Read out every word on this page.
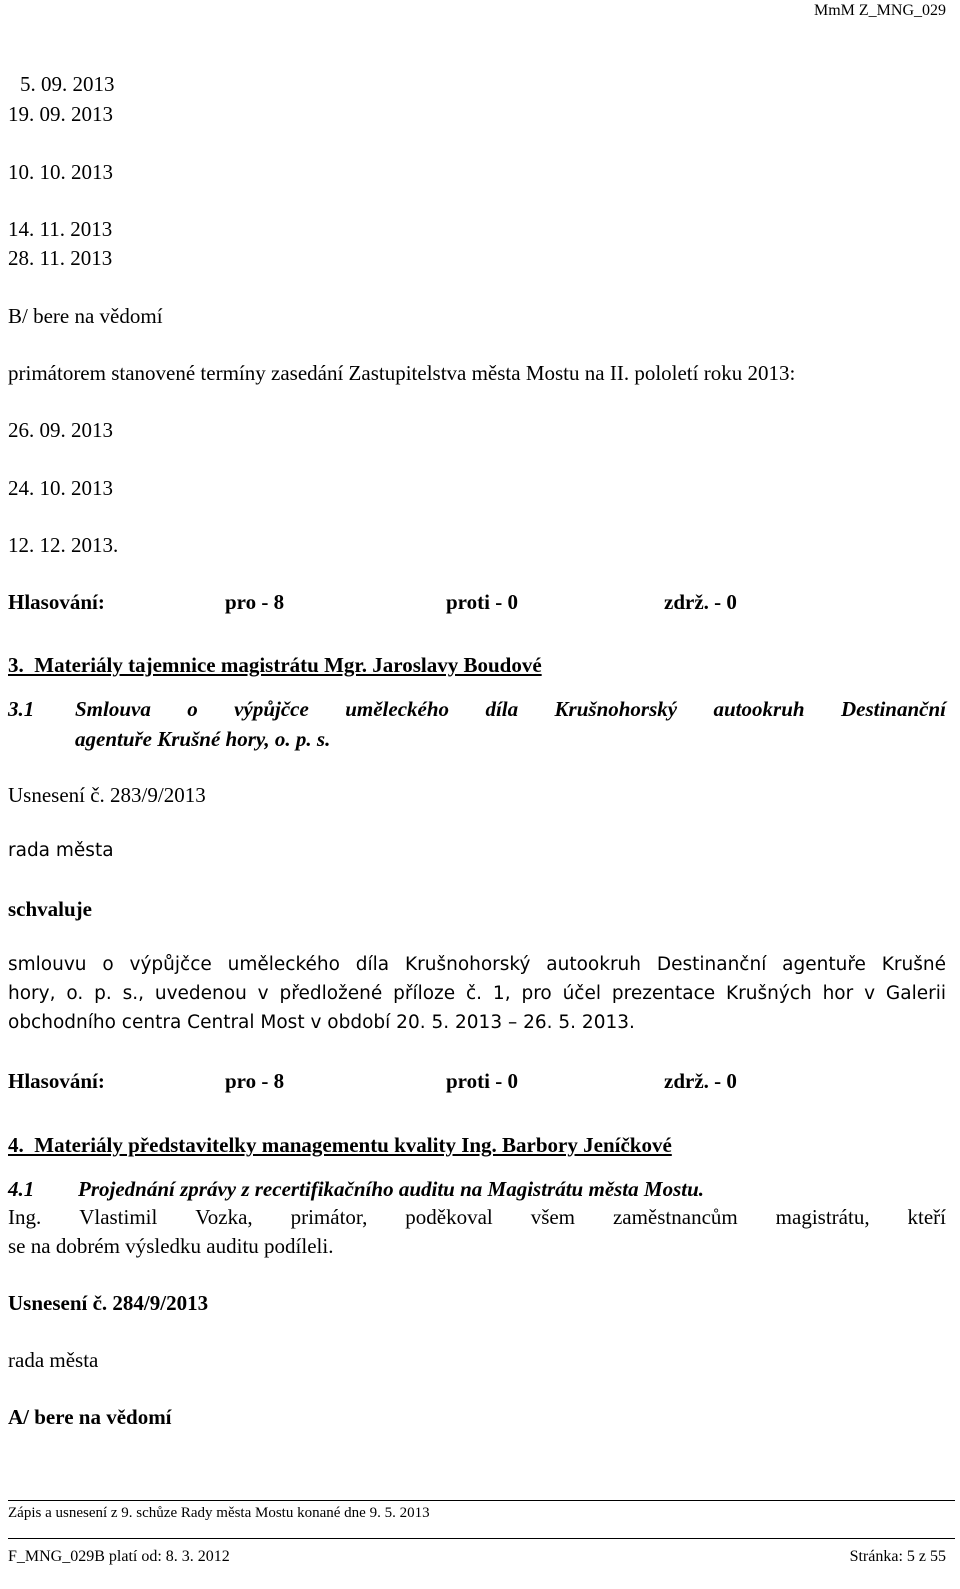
MmM Z_MNG_029
5. 09. 2013
19. 09. 2013
10. 10. 2013
14. 11. 2013
28. 11. 2013
B/ bere na vědomí
primátorem stanovené termíny zasedání Zastupitelstva města Mostu na II. pololetí roku 2013:
26. 09. 2013
24. 10. 2013
12. 12. 2013.
Hlasování:	pro - 8	proti - 0	zdrž. - 0
3.  Materiály tajemnice magistrátu Mgr. Jaroslavy Boudové
3.1 Smlouva o výpůjčce uměleckého díla Krušnohorský autookruh Destinanční
agentuře Krušné hory, o. p. s.
Usnesení č. 283/9/2013
rada města
schvaluje
smlouvu o výpůjčce uměleckého díla Krušnohorský autookruh Destinanční agentuře Krušné
hory, o. p. s., uvedenou v předložené příloze č. 1, pro účel prezentace Krušných hor v Galerii
obchodního centra Central Most v období 20. 5. 2013 – 26. 5. 2013.
Hlasování:	pro - 8	proti - 0	zdrž. - 0
4.  Materiály představitelky managementu kvality Ing. Barbory Jeníčkové
4.1 Projednání zprávy z recertifikačního auditu na Magistrátu města Mostu.
Ing. Vlastimil Vozka, primátor, poděkoval všem zaměstnancům magistrátu, kteří
se na dobrém výsledku auditu podíleli.
Usnesení č. 284/9/2013
rada města
A/ bere na vědomí
Zápis a usnesení z 9. schůze Rady města Mostu konané dne 9. 5. 2013
F_MNG_029B platí od: 8. 3. 2012	Stránka: 5 z 55
